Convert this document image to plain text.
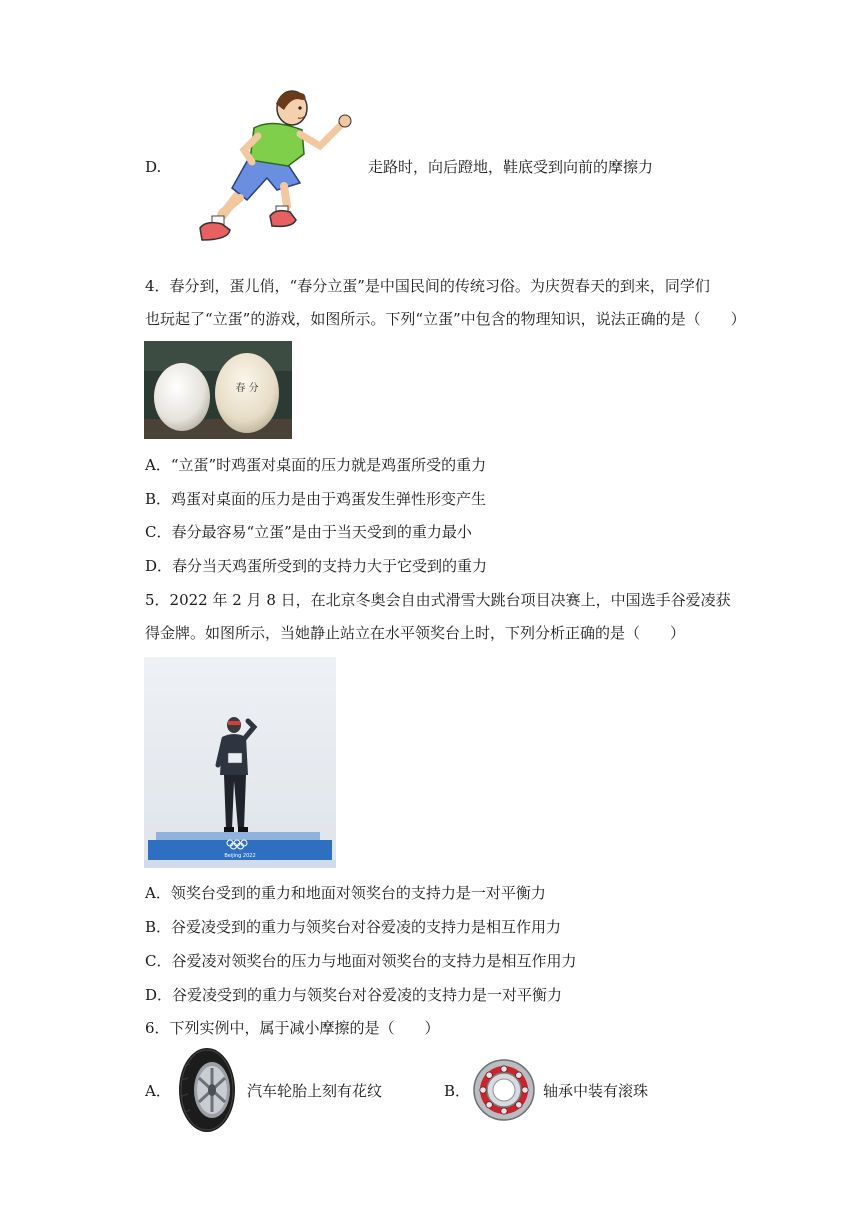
D.	走路时，向后蹬地，鞋底受到向前的摩擦力
4．春分到，蛋儿俏，“春分立蛋”是中国民间的传统习俗。为庆贺春天的到来，同学们
也玩起了“立蛋”的游戏，如图所示。下列“立蛋”中包含的物理知识，说法正确的是（　　）
春 分
A．“立蛋”时鸡蛋对桌面的压力就是鸡蛋所受的重力
B．鸡蛋对桌面的压力是由于鸡蛋发生弹性形变产生
C．春分最容易“立蛋”是由于当天受到的重力最小
D．春分当天鸡蛋所受到的支持力大于它受到的重力
5．2022 年 2 月 8 日，在北京冬奥会自由式滑雪大跳台项目决赛上，中国选手谷爱凌获
得金牌。如图所示，当她静止站立在水平领奖台上时，下列分析正确的是（　　）
Beijing 2022
A．领奖台受到的重力和地面对领奖台的支持力是一对平衡力
B．谷爱凌受到的重力与领奖台对谷爱凌的支持力是相互作用力
C．谷爱凌对领奖台的压力与地面对领奖台的支持力是相互作用力
D．谷爱凌受到的重力与领奖台对谷爱凌的支持力是一对平衡力
6．下列实例中，属于减小摩擦的是（　　）
A．	汽车轮胎上刻有花纹	B．	轴承中装有滚珠
